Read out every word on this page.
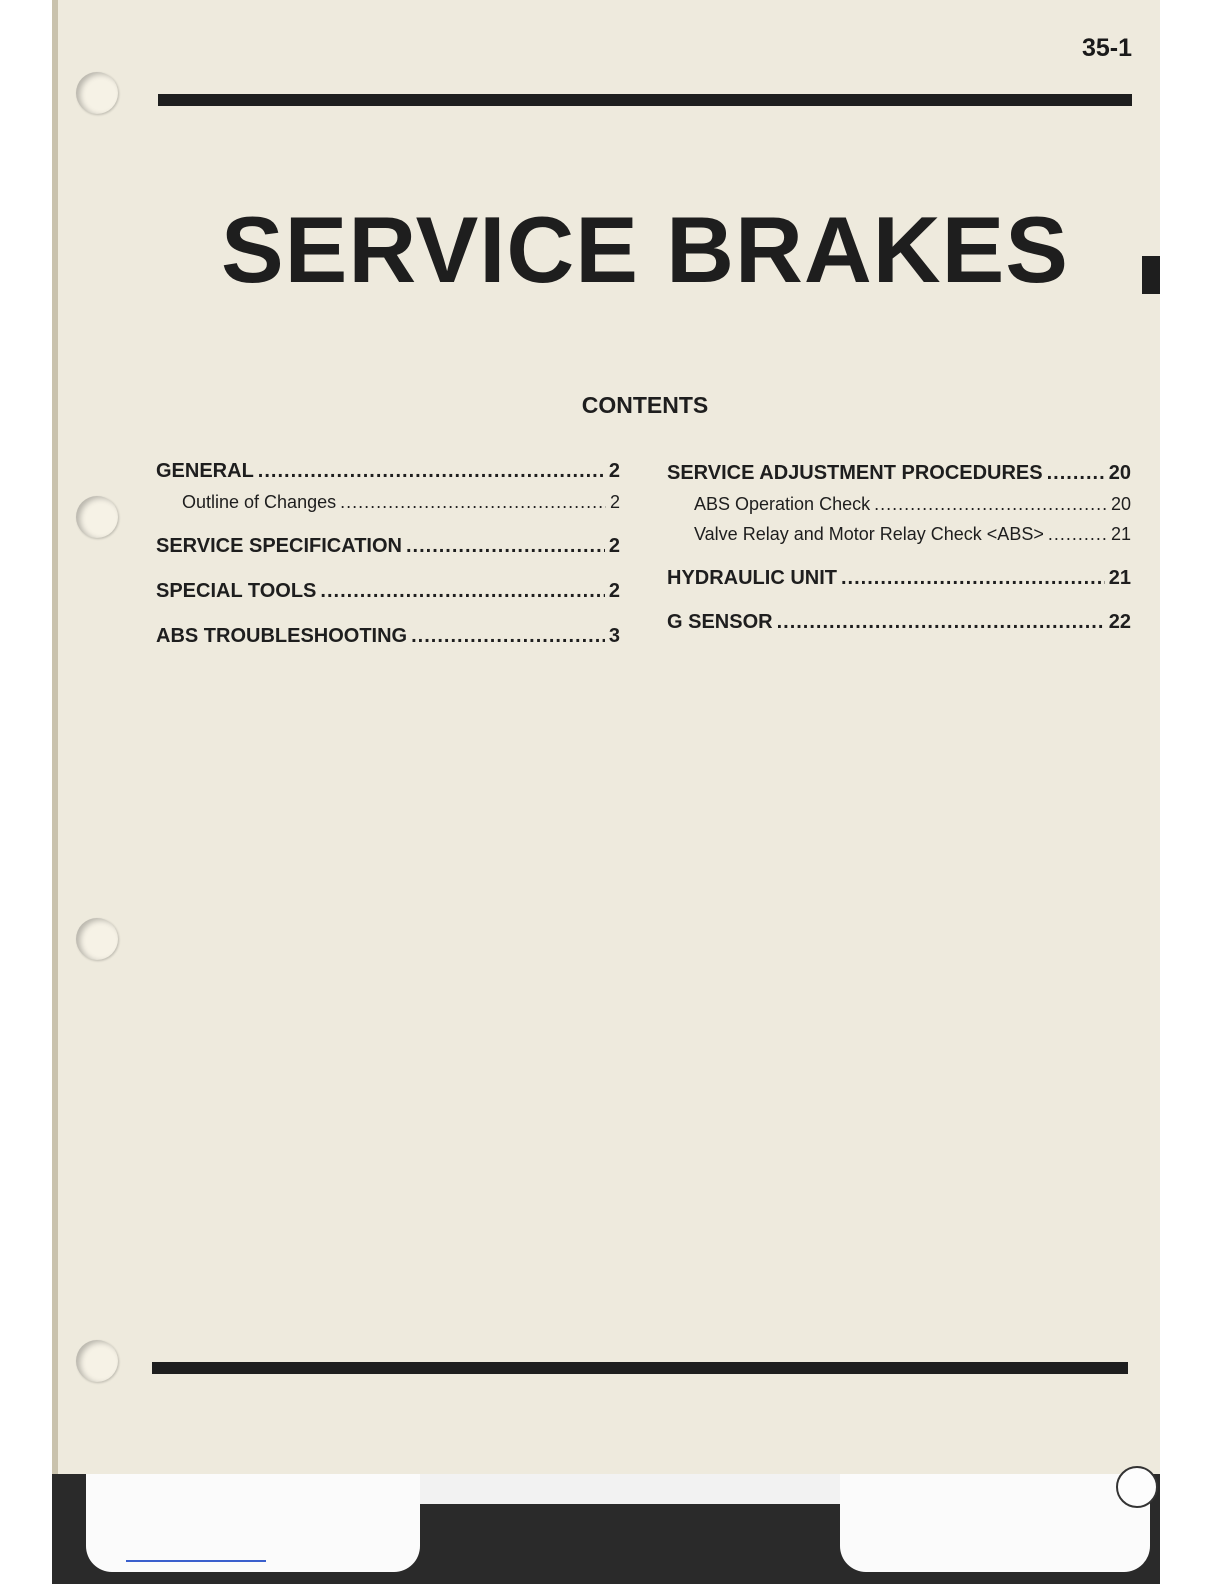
35-1
SERVICE BRAKES
CONTENTS
GENERAL .....	2
Outline of Changes .....	2
SERVICE SPECIFICATION .....	2
SPECIAL TOOLS .....	2
ABS TROUBLESHOOTING .....	3
SERVICE ADJUSTMENT PROCEDURES .....	20
ABS Operation Check .....	20
Valve Relay and Motor Relay Check <ABS> .....	21
HYDRAULIC UNIT .....	21
G SENSOR .....	22
